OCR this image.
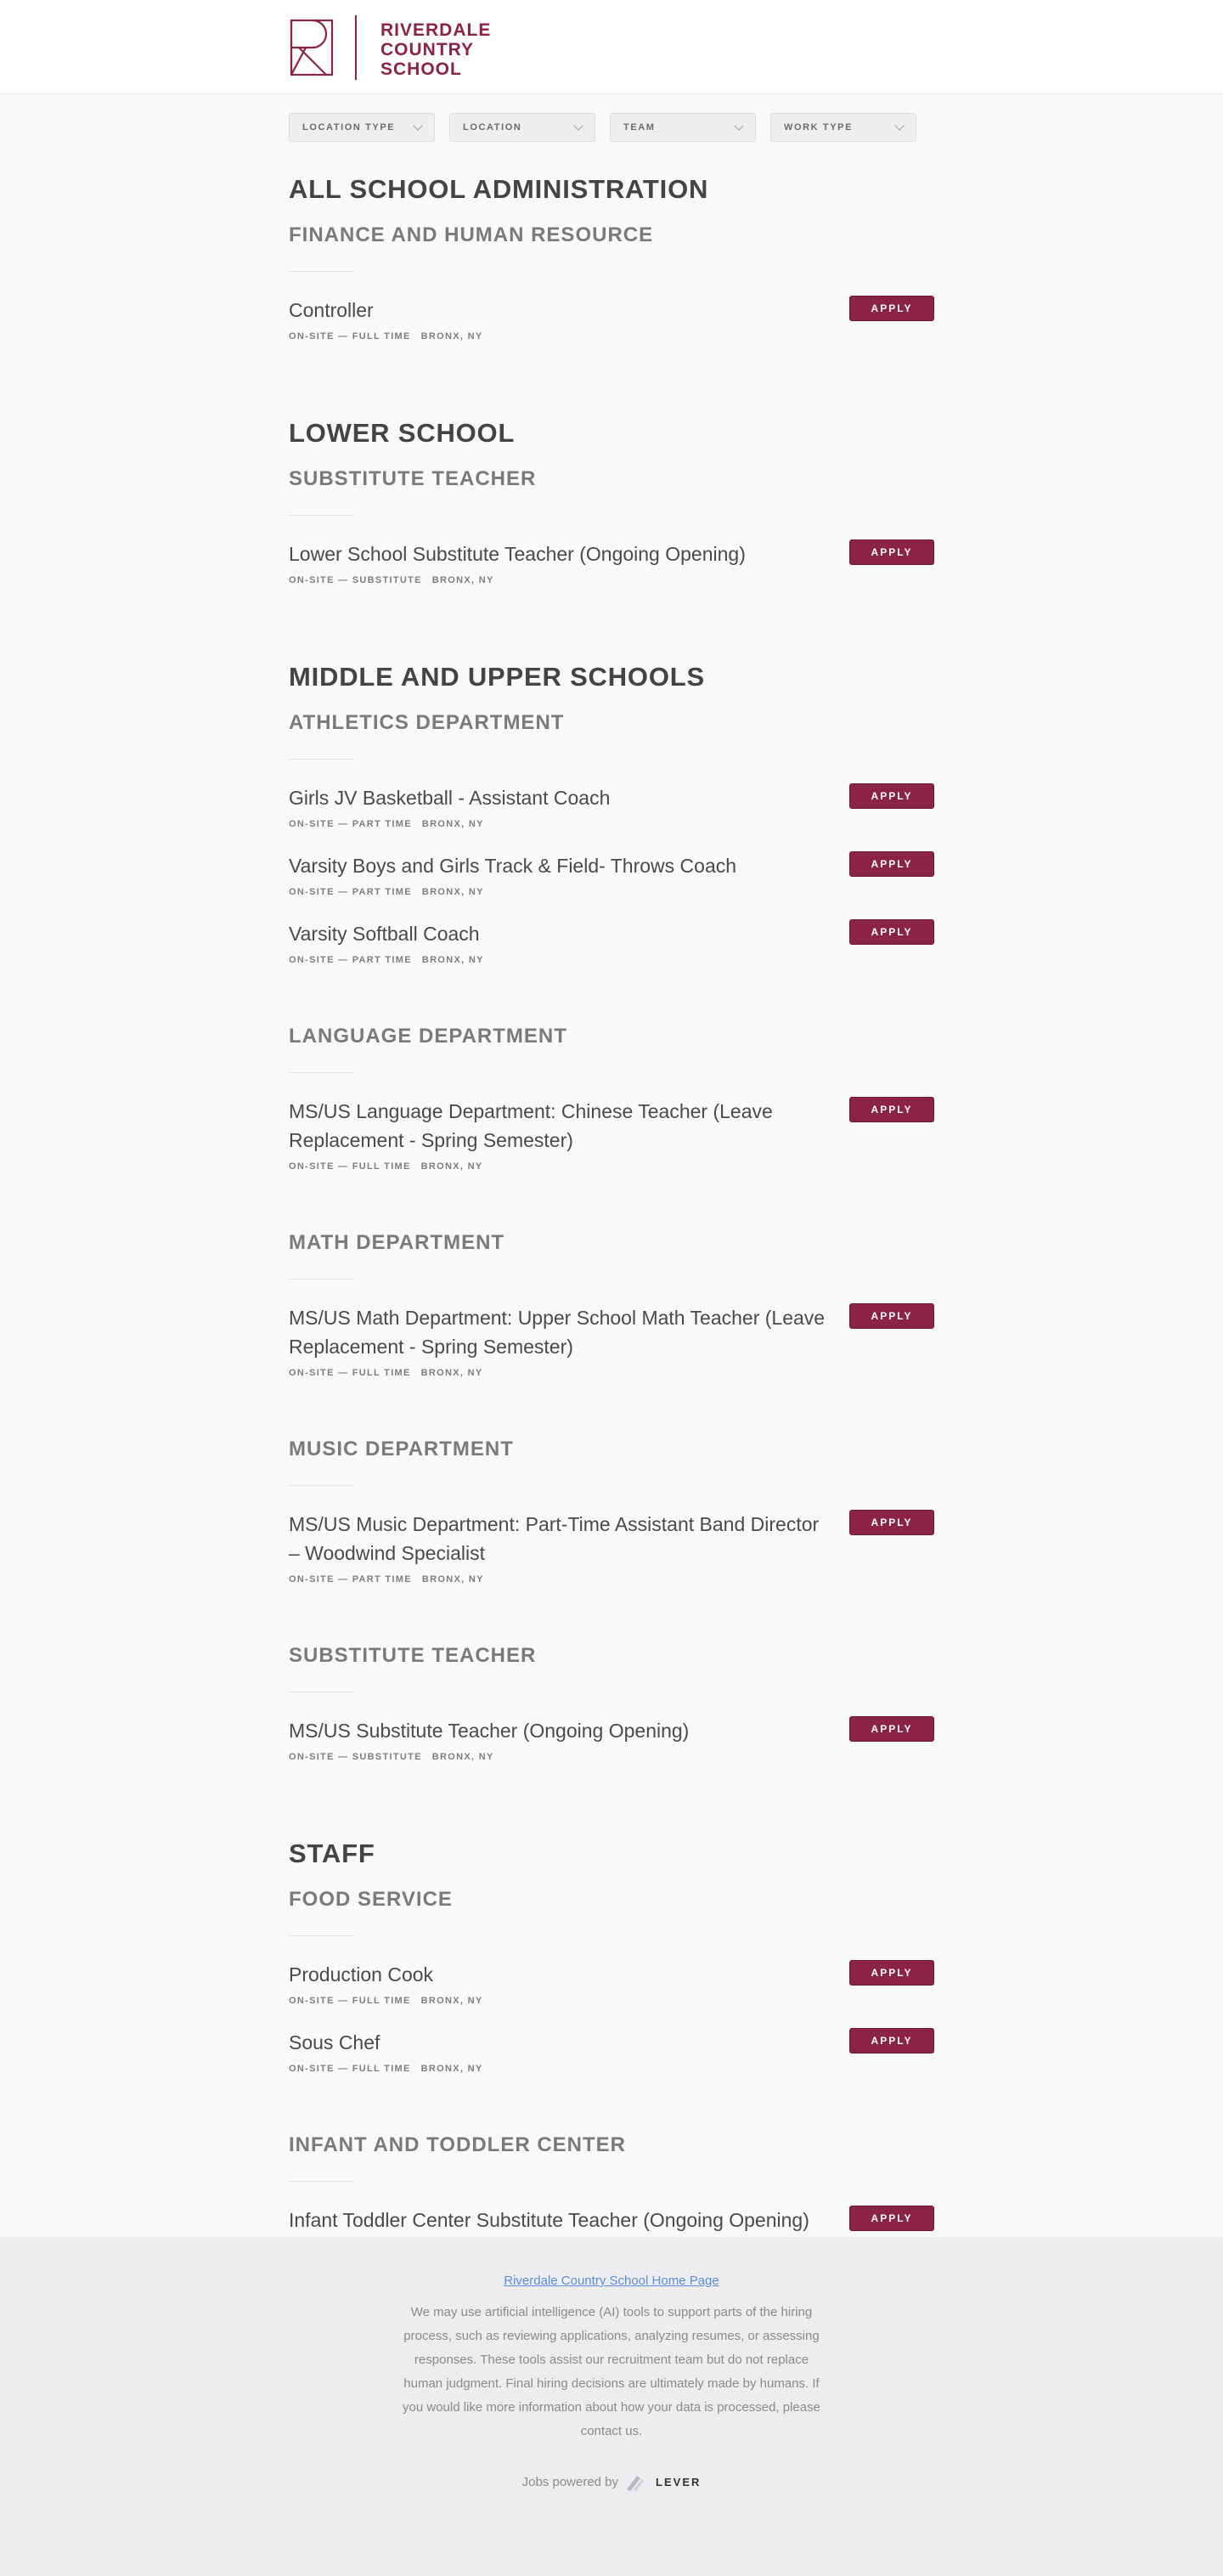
RIVERDALE
COUNTRY
SCHOOL
LOCATION TYPE	LOCATION	TEAM	WORK TYPE
ALL SCHOOL ADMINISTRATION
FINANCE AND HUMAN RESOURCE
Controller
ON-SITE — FULL TIME BRONX, NY
APPLY
LOWER SCHOOL
SUBSTITUTE TEACHER
Lower School Substitute Teacher (Ongoing Opening)
ON-SITE — SUBSTITUTE BRONX, NY
APPLY
MIDDLE AND UPPER SCHOOLS
ATHLETICS DEPARTMENT
Girls JV Basketball - Assistant Coach
ON-SITE — PART TIME BRONX, NY
APPLY
Varsity Boys and Girls Track & Field- Throws Coach
ON-SITE — PART TIME BRONX, NY
APPLY
Varsity Softball Coach
ON-SITE — PART TIME BRONX, NY
APPLY
LANGUAGE DEPARTMENT
MS/US Language Department: Chinese Teacher (Leave Replacement - Spring Semester)
ON-SITE — FULL TIME BRONX, NY
APPLY
MATH DEPARTMENT
MS/US Math Department: Upper School Math Teacher (Leave Replacement - Spring Semester)
ON-SITE — FULL TIME BRONX, NY
APPLY
MUSIC DEPARTMENT
MS/US Music Department: Part-Time Assistant Band Director – Woodwind Specialist
ON-SITE — PART TIME BRONX, NY
APPLY
SUBSTITUTE TEACHER
MS/US Substitute Teacher (Ongoing Opening)
ON-SITE — SUBSTITUTE BRONX, NY
APPLY
STAFF
FOOD SERVICE
Production Cook
ON-SITE — FULL TIME BRONX, NY
APPLY
Sous Chef
ON-SITE — FULL TIME BRONX, NY
APPLY
INFANT AND TODDLER CENTER
Infant Toddler Center Substitute Teacher (Ongoing Opening)	APPLY
Riverdale Country School Home Page

We may use artificial intelligence (AI) tools to support parts of the hiring process, such as reviewing applications, analyzing resumes, or assessing responses. These tools assist our recruitment team but do not replace human judgment. Final hiring decisions are ultimately made by humans. If you would like more information about how your data is processed, please contact us.

Jobs powered by	LEVER
